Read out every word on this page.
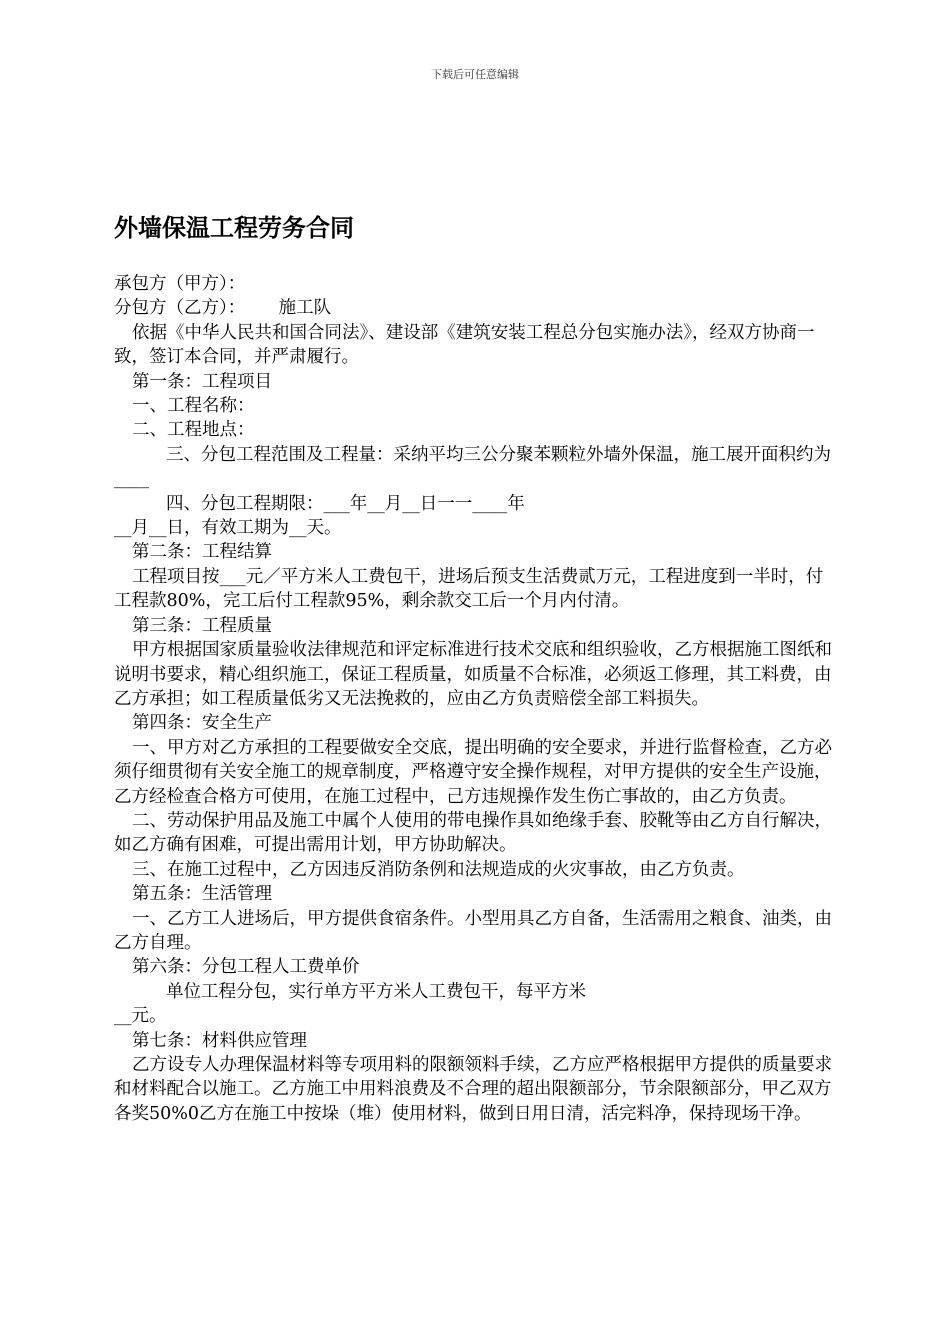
下载后可任意编辑
外墙保温工程劳务合同

承包方（甲方）：

分包方（乙方）：      施工队

依据《中华人民共和国合同法》、建设部《建筑安装工程总分包实施办法》，经双方协商一致，签订本合同，并严肃履行。

第一条：工程项目

一、工程名称：

二、工程地点：

三、分包工程范围及工程量：采纳平均三公分聚苯颗粒外墙外保温，施工展开面积约为____

四、分包工程期限：___年__月__日一一____年

__月__日，有效工期为__天。

第二条：工程结算

工程项目按___元／平方米人工费包干，进场后预支生活费贰万元，工程进度到一半时，付工程款80%，完工后付工程款95%，剩余款交工后一个月内付清。

第三条：工程质量

甲方根据国家质量验收法律规范和评定标准进行技术交底和组织验收，乙方根据施工图纸和说明书要求，精心组织施工，保证工程质量，如质量不合标准，必须返工修理，其工料费，由乙方承担；如工程质量低劣又无法挽救的，应由乙方负责赔偿全部工料损失。

第四条：安全生产

一、甲方对乙方承担的工程要做安全交底，提出明确的安全要求，并进行监督检查，乙方必须仔细贯彻有关安全施工的规章制度，严格遵守安全操作规程，对甲方提供的安全生产设施，乙方经检查合格方可使用，在施工过程中，己方违规操作发生伤亡事故的，由乙方负责。

二、劳动保护用品及施工中属个人使用的带电操作具如绝缘手套、胶靴等由乙方自行解决，如乙方确有困难，可提出需用计划，甲方协助解决。

三、在施工过程中，乙方因违反消防条例和法规造成的火灾事故，由乙方负责。

第五条：生活管理

一、乙方工人进场后，甲方提供食宿条件。小型用具乙方自备，生活需用之粮食、油类，由乙方自理。

第六条：分包工程人工费单价

单位工程分包，实行单方平方米人工费包干，每平方米

__元。

第七条：材料供应管理

乙方设专人办理保温材料等专项用料的限额领料手续，乙方应严格根据甲方提供的质量要求和材料配合以施工。乙方施工中用料浪费及不合理的超出限额部分，节余限额部分，甲乙双方各奖50%0乙方在施工中按垛（堆）使用材料，做到日用日清，活完料净，保持现场干净。
